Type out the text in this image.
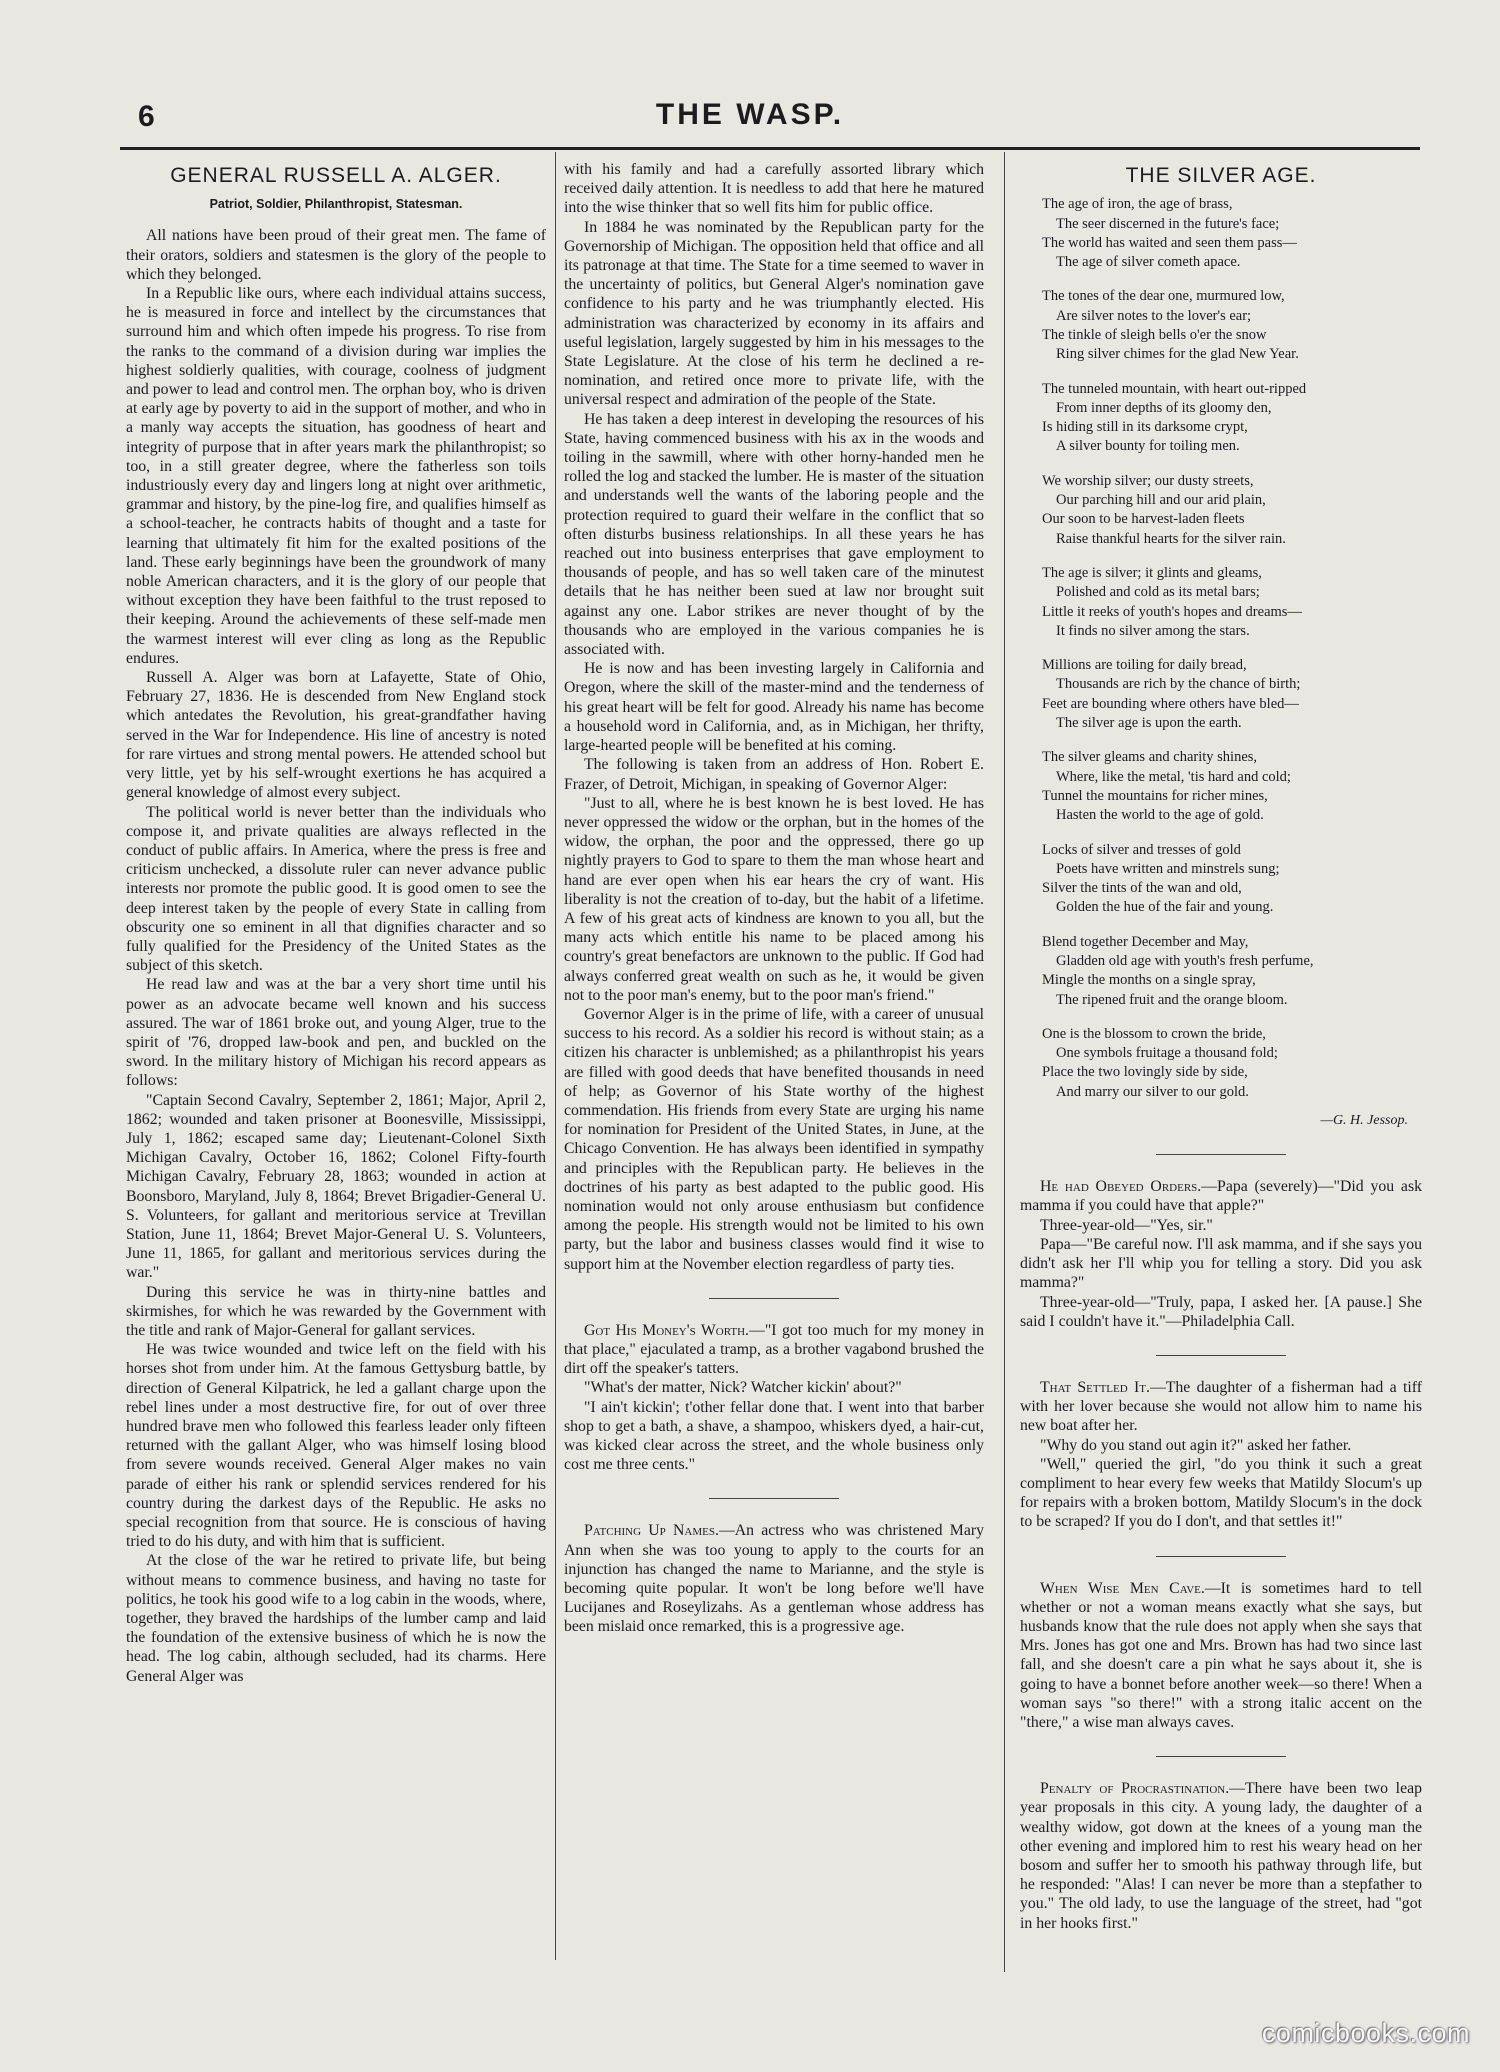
6	THE WASP.
GENERAL RUSSELL A. ALGER.
Patriot, Soldier, Philanthropist, Statesman.

All nations have been proud of their great men. The fame of their orators, soldiers and statesmen is the glory of the people to which they belonged.

In a Republic like ours, where each individual attains success, he is measured in force and intellect by the circumstances that surround him and which often impede his progress. To rise from the ranks to the command of a division during war implies the highest soldierly qualities, with courage, coolness of judgment and power to lead and control men. The orphan boy, who is driven at early age by poverty to aid in the support of mother, and who in a manly way accepts the situation, has goodness of heart and integrity of purpose that in after years mark the philanthropist; so too, in a still greater degree, where the fatherless son toils industriously every day and lingers long at night over arithmetic, grammar and history, by the pine-log fire, and qualifies himself as a school-teacher, he contracts habits of thought and a taste for learning that ultimately fit him for the exalted positions of the land. These early beginnings have been the groundwork of many noble American characters, and it is the glory of our people that without exception they have been faithful to the trust reposed to their keeping. Around the achievements of these self-made men the warmest interest will ever cling as long as the Republic endures.

Russell A. Alger was born at Lafayette, State of Ohio, February 27, 1836. He is descended from New England stock which antedates the Revolution, his great-grandfather having served in the War for Independence. His line of ancestry is noted for rare virtues and strong mental powers. He attended school but very little, yet by his self-wrought exertions he has acquired a general knowledge of almost every subject.

The political world is never better than the individuals who compose it, and private qualities are always reflected in the conduct of public affairs. In America, where the press is free and criticism unchecked, a dissolute ruler can never advance public interests nor promote the public good. It is good omen to see the deep interest taken by the people of every State in calling from obscurity one so eminent in all that dignifies character and so fully qualified for the Presidency of the United States as the subject of this sketch.

He read law and was at the bar a very short time until his power as an advocate became well known and his success assured. The war of 1861 broke out, and young Alger, true to the spirit of '76, dropped law-book and pen, and buckled on the sword. In the military history of Michigan his record appears as follows:

"Captain Second Cavalry, September 2, 1861; Major, April 2, 1862; wounded and taken prisoner at Boonesville, Mississippi, July 1, 1862; escaped same day; Lieutenant-Colonel Sixth Michigan Cavalry, October 16, 1862; Colonel Fifty-fourth Michigan Cavalry, February 28, 1863; wounded in action at Boonsboro, Maryland, July 8, 1864; Brevet Brigadier-General U. S. Volunteers, for gallant and meritorious service at Trevillan Station, June 11, 1864; Brevet Major-General U. S. Volunteers, June 11, 1865, for gallant and meritorious services during the war."

During this service he was in thirty-nine battles and skirmishes, for which he was rewarded by the Government with the title and rank of Major-General for gallant services.

He was twice wounded and twice left on the field with his horses shot from under him. At the famous Gettysburg battle, by direction of General Kilpatrick, he led a gallant charge upon the rebel lines under a most destructive fire, for out of over three hundred brave men who followed this fearless leader only fifteen returned with the gallant Alger, who was himself losing blood from severe wounds received. General Alger makes no vain parade of either his rank or splendid services rendered for his country during the darkest days of the Republic. He asks no special recognition from that source. He is conscious of having tried to do his duty, and with him that is sufficient.

At the close of the war he retired to private life, but being without means to commence business, and having no taste for politics, he took his good wife to a log cabin in the woods, where, together, they braved the hardships of the lumber camp and laid the foundation of the extensive business of which he is now the head. The log cabin, although secluded, had its charms. Here General Alger was

with his family and had a carefully assorted library which received daily attention. It is needless to add that here he matured into the wise thinker that so well fits him for public office.

In 1884 he was nominated by the Republican party for the Governorship of Michigan. The opposition held that office and all its patronage at that time. The State for a time seemed to waver in the uncertainty of politics, but General Alger's nomination gave confidence to his party and he was triumphantly elected. His administration was characterized by economy in its affairs and useful legislation, largely suggested by him in his messages to the State Legislature. At the close of his term he declined a re-nomination, and retired once more to private life, with the universal respect and admiration of the people of the State.

He has taken a deep interest in developing the resources of his State, having commenced business with his ax in the woods and toiling in the sawmill, where with other horny-handed men he rolled the log and stacked the lumber. He is master of the situation and understands well the wants of the laboring people and the protection required to guard their welfare in the conflict that so often disturbs business relationships. In all these years he has reached out into business enterprises that gave employment to thousands of people, and has so well taken care of the minutest details that he has neither been sued at law nor brought suit against any one. Labor strikes are never thought of by the thousands who are employed in the various companies he is associated with.

He is now and has been investing largely in California and Oregon, where the skill of the master-mind and the tenderness of his great heart will be felt for good. Already his name has become a household word in California, and, as in Michigan, her thrifty, large-hearted people will be benefited at his coming.

The following is taken from an address of Hon. Robert E. Frazer, of Detroit, Michigan, in speaking of Governor Alger:

"Just to all, where he is best known he is best loved. He has never oppressed the widow or the orphan, but in the homes of the widow, the orphan, the poor and the oppressed, there go up nightly prayers to God to spare to them the man whose heart and hand are ever open when his ear hears the cry of want. His liberality is not the creation of to-day, but the habit of a lifetime. A few of his great acts of kindness are known to you all, but the many acts which entitle his name to be placed among his country's great benefactors are unknown to the public. If God had always conferred great wealth on such as he, it would be given not to the poor man's enemy, but to the poor man's friend."

Governor Alger is in the prime of life, with a career of unusual success to his record. As a soldier his record is without stain; as a citizen his character is unblemished; as a philanthropist his years are filled with good deeds that have benefited thousands in need of help; as Governor of his State worthy of the highest commendation. His friends from every State are urging his name for nomination for President of the United States, in June, at the Chicago Convention. He has always been identified in sympathy and principles with the Republican party. He believes in the doctrines of his party as best adapted to the public good. His nomination would not only arouse enthusiasm but confidence among the people. His strength would not be limited to his own party, but the labor and business classes would find it wise to support him at the November election regardless of party ties.

Got His Money's Worth.—"I got too much for my money in that place," ejaculated a tramp, as a brother vagabond brushed the dirt off the speaker's tatters.

"What's der matter, Nick? Watcher kickin' about?"

"I ain't kickin'; t'other fellar done that. I went into that barber shop to get a bath, a shave, a shampoo, whiskers dyed, a hair-cut, was kicked clear across the street, and the whole business only cost me three cents."

Patching Up Names.—An actress who was christened Mary Ann when she was too young to apply to the courts for an injunction has changed the name to Marianne, and the style is becoming quite popular. It won't be long before we'll have Lucijanes and Roseylizahs. As a gentleman whose address has been mislaid once remarked, this is a progressive age.

THE SILVER AGE.
The age of iron, the age of brass,
The seer discerned in the future's face;
The world has waited and seen them pass—
The age of silver cometh apace.
The tones of the dear one, murmured low,
Are silver notes to the lover's ear;
The tinkle of sleigh bells o'er the snow
Ring silver chimes for the glad New Year.
The tunneled mountain, with heart out-ripped
From inner depths of its gloomy den,
Is hiding still in its darksome crypt,
A silver bounty for toiling men.
We worship silver; our dusty streets,
Our parching hill and our arid plain,
Our soon to be harvest-laden fleets
Raise thankful hearts for the silver rain.
The age is silver; it glints and gleams,
Polished and cold as its metal bars;
Little it reeks of youth's hopes and dreams—
It finds no silver among the stars.
Millions are toiling for daily bread,
Thousands are rich by the chance of birth;
Feet are bounding where others have bled—
The silver age is upon the earth.
The silver gleams and charity shines,
Where, like the metal, 'tis hard and cold;
Tunnel the mountains for richer mines,
Hasten the world to the age of gold.
Locks of silver and tresses of gold
Poets have written and minstrels sung;
Silver the tints of the wan and old,
Golden the hue of the fair and young.
Blend together December and May,
Gladden old age with youth's fresh perfume,
Mingle the months on a single spray,
The ripened fruit and the orange bloom.
One is the blossom to crown the bride,
One symbols fruitage a thousand fold;
Place the two lovingly side by side,
And marry our silver to our gold.
—G. H. Jessop.

He had Obeyed Orders.—Papa (severely)—"Did you ask mamma if you could have that apple?"

Three-year-old—"Yes, sir."

Papa—"Be careful now. I'll ask mamma, and if she says you didn't ask her I'll whip you for telling a story. Did you ask mamma?"

Three-year-old—"Truly, papa, I asked her. [A pause.] She said I couldn't have it."—Philadelphia Call.

That Settled It.—The daughter of a fisherman had a tiff with her lover because she would not allow him to name his new boat after her.

"Why do you stand out agin it?" asked her father.

"Well," queried the girl, "do you think it such a great compliment to hear every few weeks that Matildy Slocum's up for repairs with a broken bottom, Matildy Slocum's in the dock to be scraped? If you do I don't, and that settles it!"

When Wise Men Cave.—It is sometimes hard to tell whether or not a woman means exactly what she says, but husbands know that the rule does not apply when she says that Mrs. Jones has got one and Mrs. Brown has had two since last fall, and she doesn't care a pin what he says about it, she is going to have a bonnet before another week—so there! When a woman says "so there!" with a strong italic accent on the "there," a wise man always caves.

Penalty of Procrastination.—There have been two leap year proposals in this city. A young lady, the daughter of a wealthy widow, got down at the knees of a young man the other evening and implored him to rest his weary head on her bosom and suffer her to smooth his pathway through life, but he responded: "Alas! I can never be more than a stepfather to you." The old lady, to use the language of the street, had "got in her hooks first."

comicbooks.com
